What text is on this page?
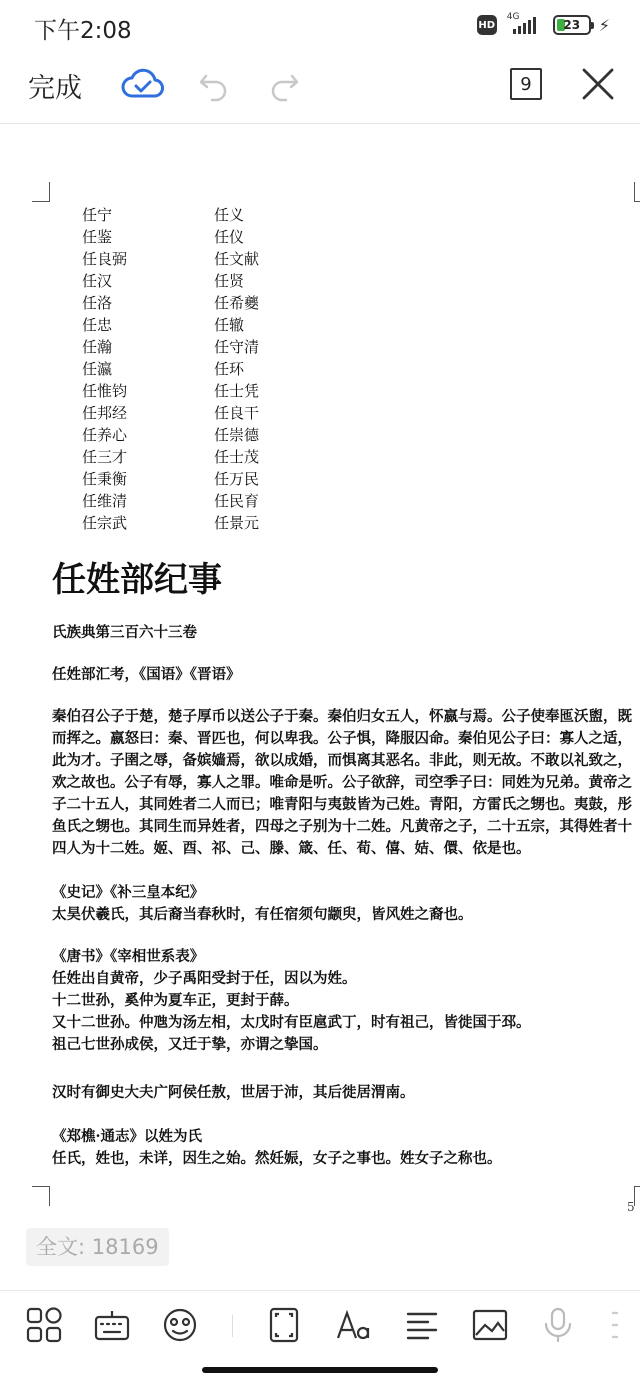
下午2:08	HD
4G
23	⚡
完成	9
5
任宁	任义
任鉴	任仪
任良弼	任文献
任汉	任贤
任洛	任希夔
任忠	任辙
任瀚	任守清
任瀛	任环
任惟钧	任士凭
任邦经	任良干
任养心	任崇德
任三才	任士茂
任秉衡	任万民
任维清	任民育
任宗武	任景元
任姓部纪事
氏族典第三百六十三卷
任姓部汇考，《国语》《晋语》
秦伯召公子于楚，楚子厚币以送公子于秦。秦伯归女五人，怀嬴与焉。公子使奉匜沃盥，既
而挥之。嬴怒曰：秦、晋匹也，何以卑我。公子惧，降服囚命。秦伯见公子曰：寡人之适，
此为才。子圉之辱，备嫔嫱焉，欲以成婚，而惧离其恶名。非此，则无故。不敢以礼致之，
欢之故也。公子有辱，寡人之罪。唯命是听。公子欲辞，司空季子曰：同姓为兄弟。黄帝之
子二十五人，其同姓者二人而已；唯青阳与夷鼓皆为己姓。青阳，方雷氏之甥也。夷鼓，彤
鱼氏之甥也。其同生而异姓者，四母之子别为十二姓。凡黄帝之子，二十五宗，其得姓者十
四人为十二姓。姬、酉、祁、己、滕、箴、任、荀、僖、姞、儇、依是也。
《史记》《补三皇本纪》
太昊伏羲氏，其后裔当春秋时，有任宿须句颛臾，皆风姓之裔也。
《唐书》《宰相世系表》
任姓出自黄帝，少子禹阳受封于任，因以为姓。
十二世孙，奚仲为夏车正，更封于薛。
又十二世孙。仲虺为汤左相，太戊时有臣扈武丁，时有祖己，皆徙国于邳。
祖己七世孙成侯，又迁于挚，亦谓之挚国。
汉时有御史大夫广阿侯任敖，世居于沛，其后徙居渭南。
《郑樵·通志》以姓为氏
任氏，姓也，未详，因生之始。然妊娠，女子之事也。姓女子之称也。
全文: 18169
